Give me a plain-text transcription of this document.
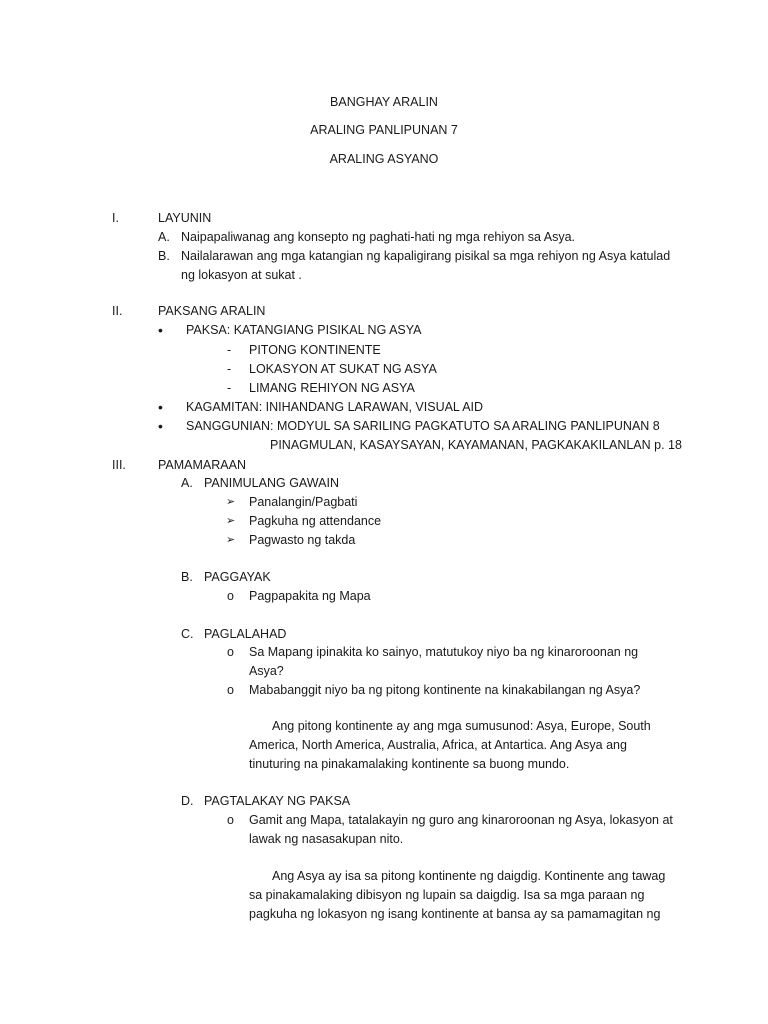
BANGHAY ARALIN
ARALING PANLIPUNAN 7
ARALING ASYANO
I.	LAYUNIN
A. Naipapaliwanag ang konsepto ng paghati-hati ng mga rehiyon sa Asya.
B. Nailalarawan ang mga katangian ng kapaligirang pisikal sa mga rehiyon ng Asya katulad
ng lokasyon at sukat .
II.	PAKSANG ARALIN
• PAKSA: KATANGIANG PISIKAL NG ASYA
- PITONG KONTINENTE
- LOKASYON AT SUKAT NG ASYA
- LIMANG REHIYON NG ASYA
• KAGAMITAN: INIHANDANG LARAWAN, VISUAL AID
• SANGGUNIAN: MODYUL SA SARILING PAGKATUTO SA ARALING PANLIPUNAN 8
PINAGMULAN, KASAYSAYAN, KAYAMANAN, PAGKAKAKILANLAN p. 18
III.	PAMAMARAAN
A. PANIMULANG GAWAIN
➢ Panalangin/Pagbati
➢ Pagkuha ng attendance
➢ Pagwasto ng takda
B. PAGGAYAK
o Pagpapakita ng Mapa
C. PAGLALAHAD
o Sa Mapang ipinakita ko sainyo, matutukoy niyo ba ng kinaroroonan ng
Asya?
o Mababanggit niyo ba ng pitong kontinente na kinakabilangan ng Asya?
Ang pitong kontinente ay ang mga sumusunod: Asya, Europe, South
America, North America, Australia, Africa, at Antartica. Ang Asya ang
tinuturing na pinakamalaking kontinente sa buong mundo.
D. PAGTALAKAY NG PAKSA
o Gamit ang Mapa, tatalakayin ng guro ang kinaroroonan ng Asya, lokasyon at
lawak ng nasasakupan nito.
Ang Asya ay isa sa pitong kontinente ng daigdig. Kontinente ang tawag
sa pinakamalaking dibisyon ng lupain sa daigdig. Isa sa mga paraan ng
pagkuha ng lokasyon ng isang kontinente at bansa ay sa pamamagitan ng
